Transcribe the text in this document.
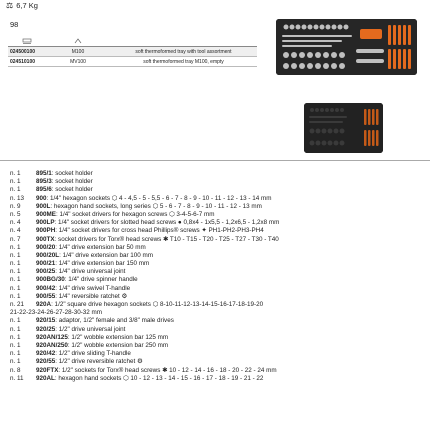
⚖ 6,7 Kg
98

024500100	M100	soft thermoformed tray with tool assortment
024510100	MV100	soft thermoformed tray M100, empty
n. 1 895/1: socket holder
n. 1 895/3: socket holder
n. 1 895/6: socket holder
n. 13 900: 1/4" hexagon sockets ⬡ 4 - 4,5 - 5 - 5,5 - 6 - 7 - 8 - 9 - 10 - 11 - 12 - 13 - 14 mm
n. 9 900L: hexagon hand sockets, long series ⬡ 5 - 6 - 7 - 8 - 9 - 10 - 11 - 12 - 13 mm
n. 5 900ME: 1/4" socket drivers for hexagon screws ⬡ 3-4-5-6-7 mm
n. 4 900LP: 1/4" socket drivers for slotted head screws ● 0,8x4 - 1x5,5 - 1,2x6,5 - 1,2x8 mm
n. 4 900PH: 1/4" socket drivers for cross head Phillips® screws ✦ PH1-PH2-PH3-PH4
n. 7 900TX: socket drivers for Torx® head screws ✱ T10 - T15 - T20 - T25 - T27 - T30 - T40
n. 1 900/20: 1/4" drive extension bar 50 mm
n. 1 900/20L: 1/4" drive extension bar 100 mm
n. 1 900/21: 1/4" drive extension bar 150 mm
n. 1 900/25: 1/4" drive universal joint
n. 1 900BG/30: 1/4" drive spinner handle
n. 1 900/42: 1/4" drive swivel T-handle
n. 1 900/55: 1/4" reversible ratchet ⚙
n. 21 920A: 1/2" square drive hexagon sockets ⬡ 8-10-11-12-13-14-15-16-17-18-19-20
21-22-23-24-26-27-28-30-32 mm
n. 1 920/15: adaptor, 1/2" female and 3/8" male drives
n. 1 920/25: 1/2" drive universal joint
n. 1 920AN/125: 1/2" wobble extension bar 125 mm
n. 1 920AN/250: 1/2" wobble extension bar 250 mm
n. 1 920/42: 1/2" drive sliding T-handle
n. 1 920/55: 1/2" drive reversible ratchet ⚙
n. 8 920FTX: 1/2" sockets for Torx® head screws ✱ 10 - 12 - 14 - 16 - 18 - 20 - 22 - 24 mm
n. 11 920AL: hexagon hand sockets ⬡ 10 - 12 - 13 - 14 - 15 - 16 - 17 - 18 - 19 - 21 - 22
